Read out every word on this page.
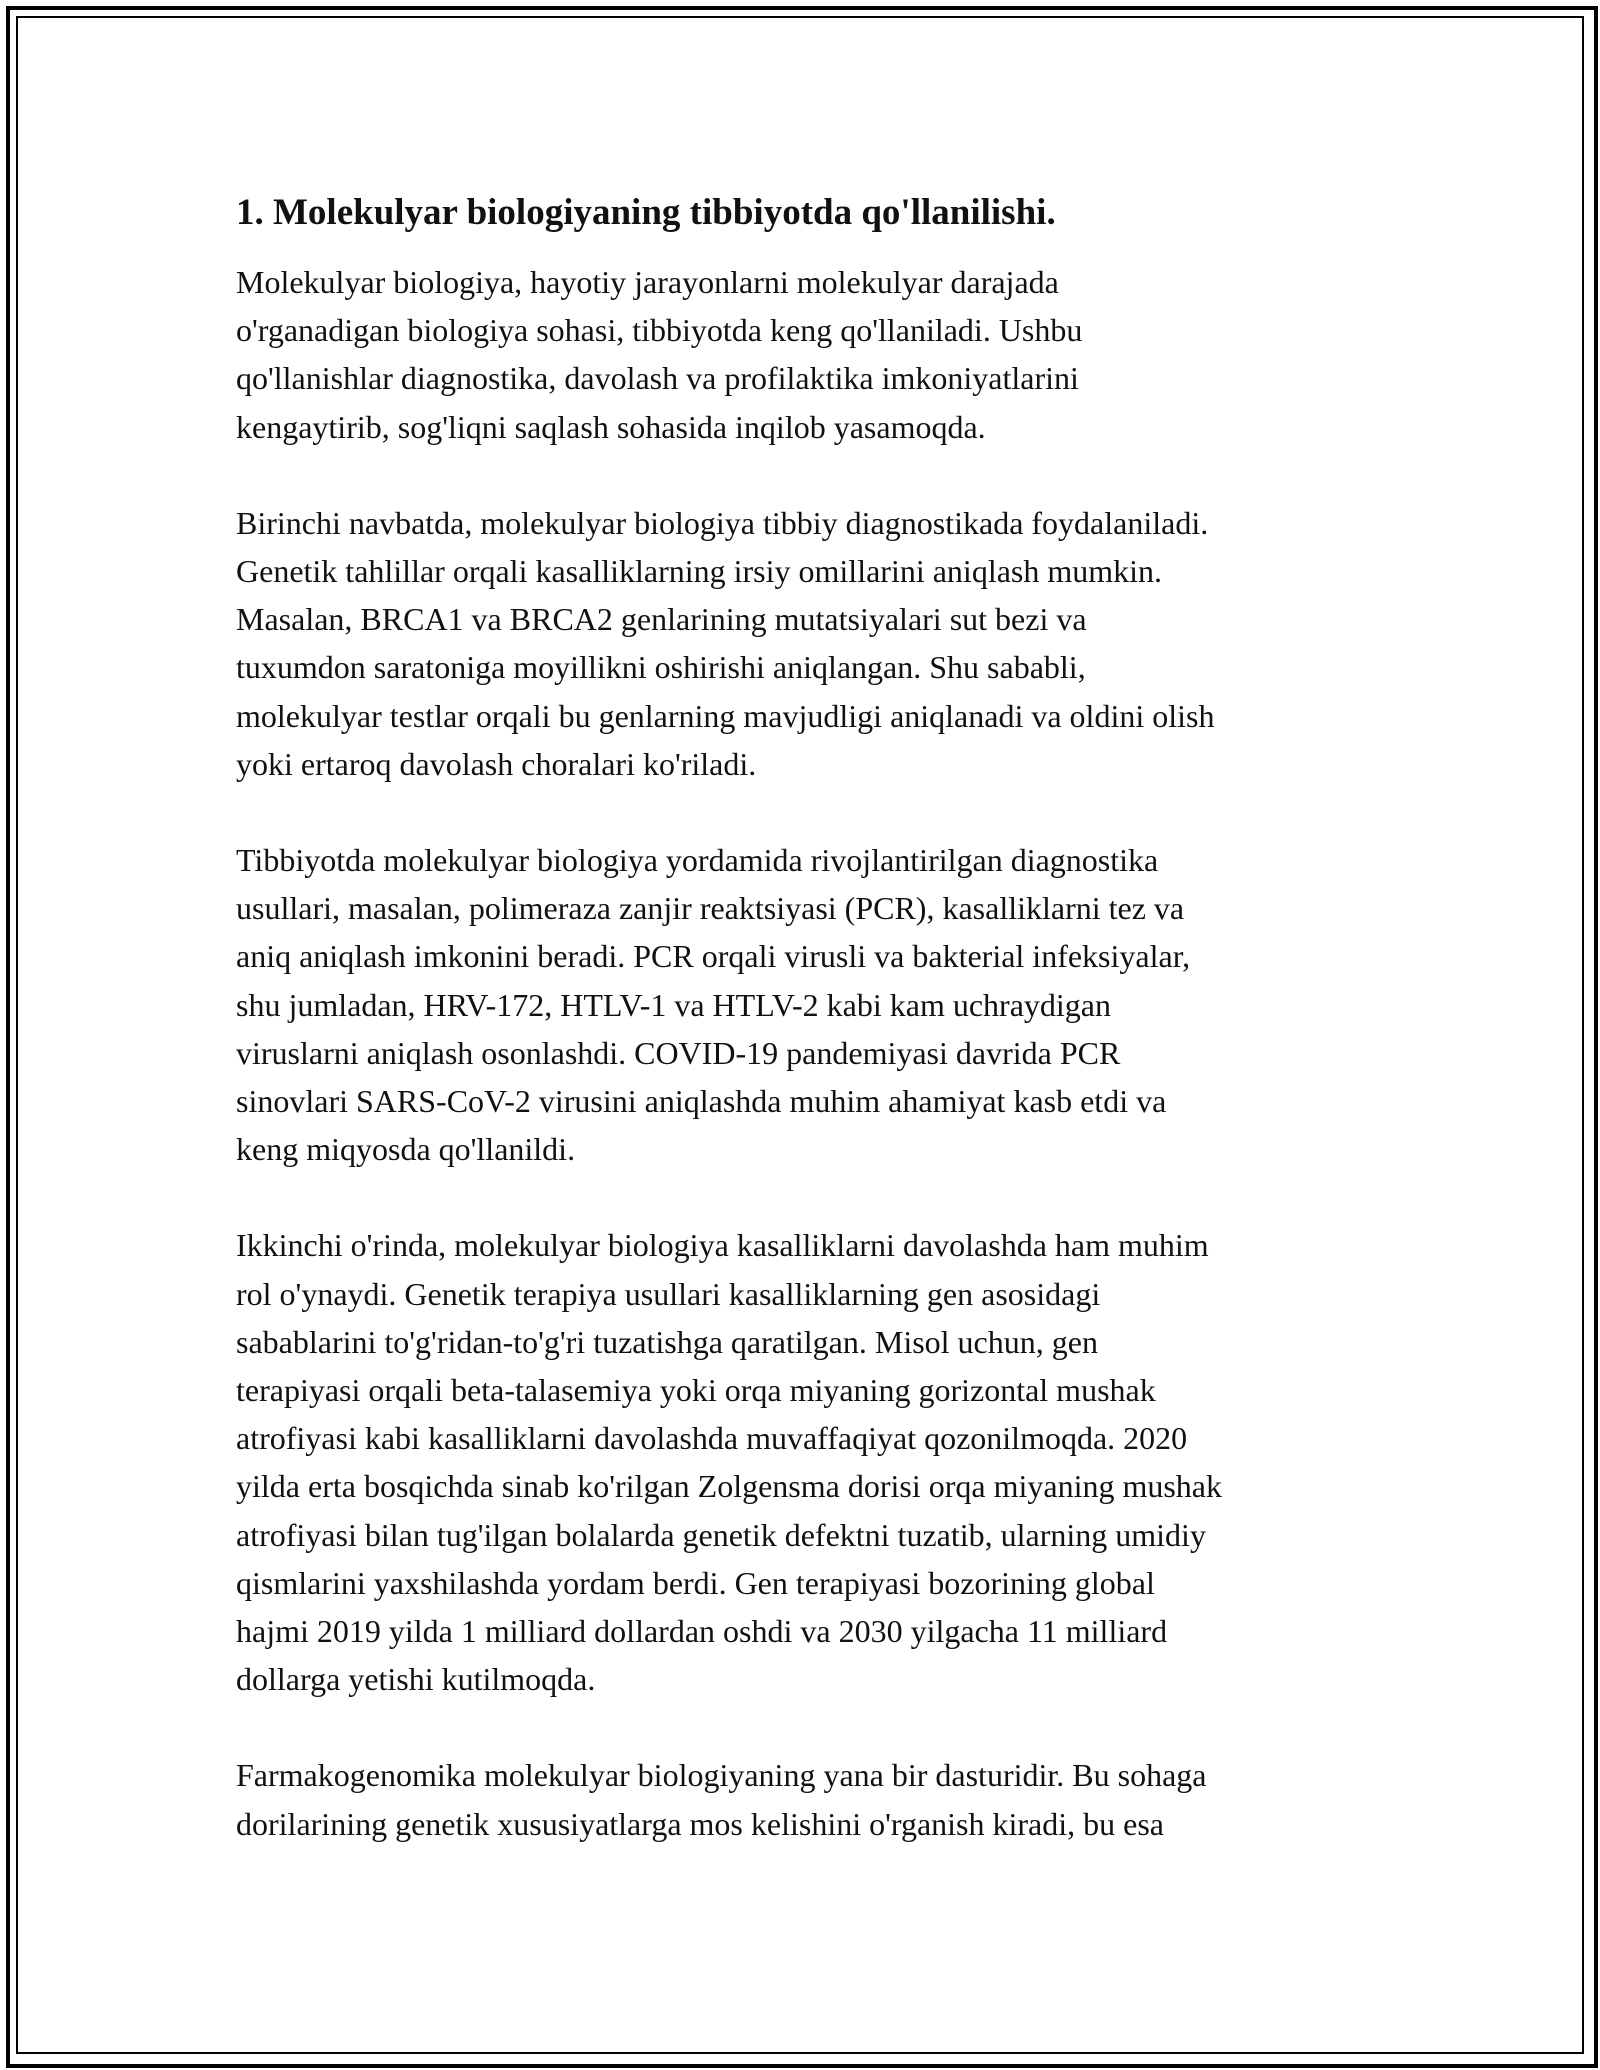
1. Molekulyar biologiyaning tibbiyotda qo'llanilishi.

Molekulyar biologiya, hayotiy jarayonlarni molekulyar darajada
o'rganadigan biologiya sohasi, tibbiyotda keng qo'llaniladi. Ushbu
qo'llanishlar diagnostika, davolash va profilaktika imkoniyatlarini
kengaytirib, sog'liqni saqlash sohasida inqilob yasamoqda.

Birinchi navbatda, molekulyar biologiya tibbiy diagnostikada foydalaniladi.
Genetik tahlillar orqali kasalliklarning irsiy omillarini aniqlash mumkin.
Masalan, BRCA1 va BRCA2 genlarining mutatsiyalari sut bezi va
tuxumdon saratoniga moyillikni oshirishi aniqlangan. Shu sababli,
molekulyar testlar orqali bu genlarning mavjudligi aniqlanadi va oldini olish
yoki ertaroq davolash choralari ko'riladi.

Tibbiyotda molekulyar biologiya yordamida rivojlantirilgan diagnostika
usullari, masalan, polimeraza zanjir reaktsiyasi (PCR), kasalliklarni tez va
aniq aniqlash imkonini beradi. PCR orqali virusli va bakterial infeksiyalar,
shu jumladan, HRV-172, HTLV-1 va HTLV-2 kabi kam uchraydigan
viruslarni aniqlash osonlashdi. COVID-19 pandemiyasi davrida PCR
sinovlari SARS-CoV-2 virusini aniqlashda muhim ahamiyat kasb etdi va
keng miqyosda qo'llanildi.

Ikkinchi o'rinda, molekulyar biologiya kasalliklarni davolashda ham muhim
rol o'ynaydi. Genetik terapiya usullari kasalliklarning gen asosidagi
sabablarini to'g'ridan-to'g'ri tuzatishga qaratilgan. Misol uchun, gen
terapiyasi orqali beta-talasemiya yoki orqa miyaning gorizontal mushak
atrofiyasi kabi kasalliklarni davolashda muvaffaqiyat qozonilmoqda. 2020
yilda erta bosqichda sinab ko'rilgan Zolgensma dorisi orqa miyaning mushak
atrofiyasi bilan tug'ilgan bolalarda genetik defektni tuzatib, ularning umidiy
qismlarini yaxshilashda yordam berdi. Gen terapiyasi bozorining global
hajmi 2019 yilda 1 milliard dollardan oshdi va 2030 yilgacha 11 milliard
dollarga yetishi kutilmoqda.

Farmakogenomika molekulyar biologiyaning yana bir dasturidir. Bu sohaga
dorilarining genetik xususiyatlarga mos kelishini o'rganish kiradi, bu esa
